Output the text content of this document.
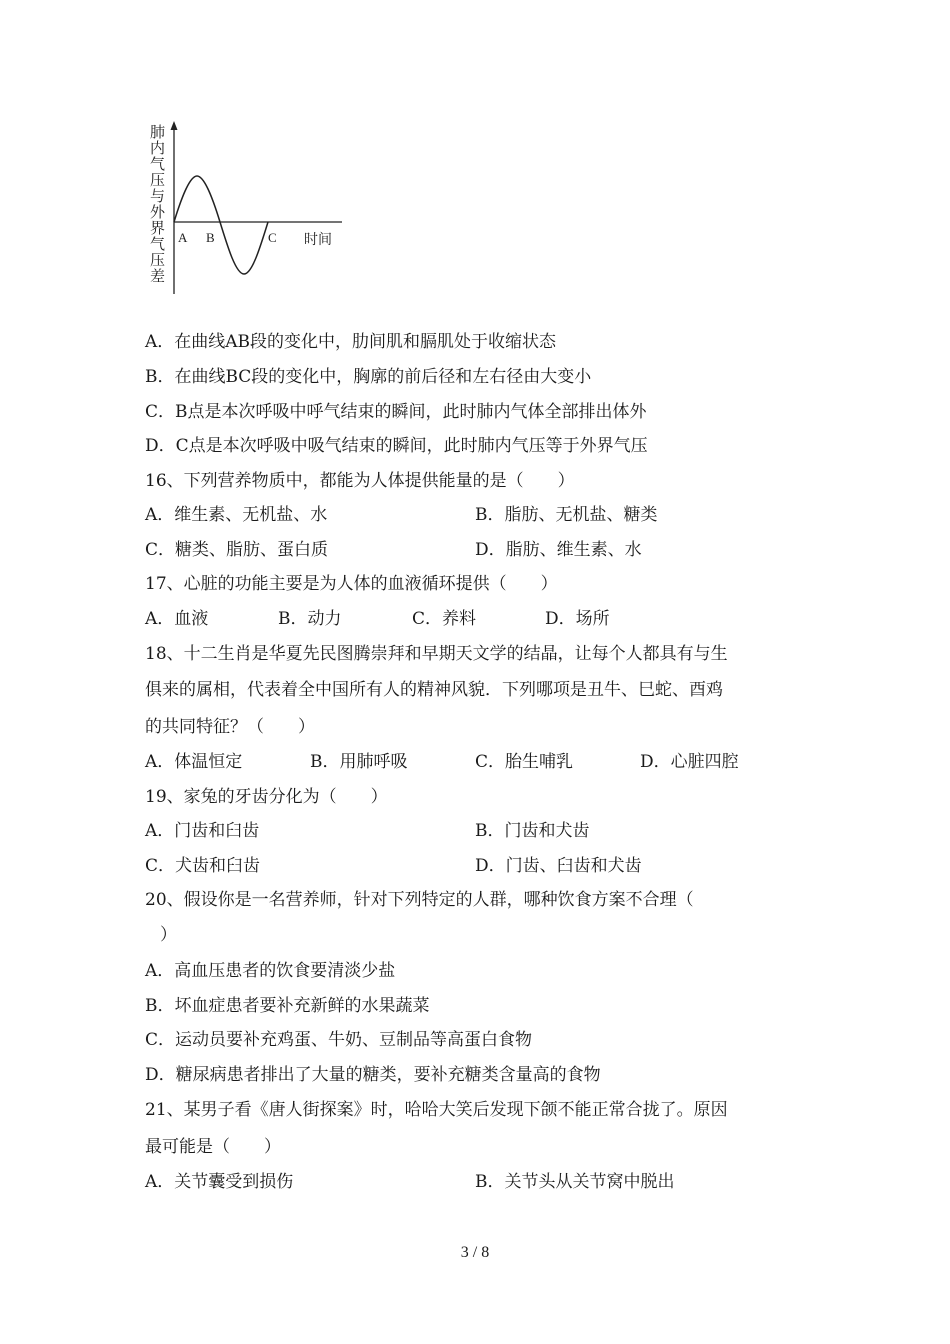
肺
内
气
压
与
外
界
气
压
差
A B	C 时间
A．在曲线AB段的变化中，肋间肌和膈肌处于收缩状态
B．在曲线BC段的变化中，胸廓的前后径和左右径由大变小
C．B点是本次呼吸中呼气结束的瞬间，此时肺内气体全部排出体外
D．C点是本次呼吸中吸气结束的瞬间，此时肺内气压等于外界气压
16、下列营养物质中，都能为人体提供能量的是（　　）
A．维生素、无机盐、水	B．脂肪、无机盐、糖类
C．糖类、脂肪、蛋白质	D．脂肪、维生素、水
17、心脏的功能主要是为人体的血液循环提供（　　）
A．血液	B．动力	C．养料	D．场所
18、十二生肖是华夏先民图腾崇拜和早期天文学的结晶，让每个人都具有与生
俱来的属相，代表着全中国所有人的精神风貌．下列哪项是丑牛、巳蛇、酉鸡
的共同特征？（　　）
A．体温恒定	B．用肺呼吸	C．胎生哺乳	D．心脏四腔
19、家兔的牙齿分化为（　　）
A．门齿和臼齿	B．门齿和犬齿
C．犬齿和臼齿	D．门齿、臼齿和犬齿
20、假设你是一名营养师，针对下列特定的人群，哪种饮食方案不合理（
）
A．高血压患者的饮食要清淡少盐
B．坏血症患者要补充新鲜的水果蔬菜
C．运动员要补充鸡蛋、牛奶、豆制品等高蛋白食物
D．糖尿病患者排出了大量的糖类，要补充糖类含量高的食物
21、某男子看《唐人街探案》时，哈哈大笑后发现下颌不能正常合拢了。原因
最可能是（　　）
A．关节囊受到损伤	B．关节头从关节窝中脱出
3 / 8
